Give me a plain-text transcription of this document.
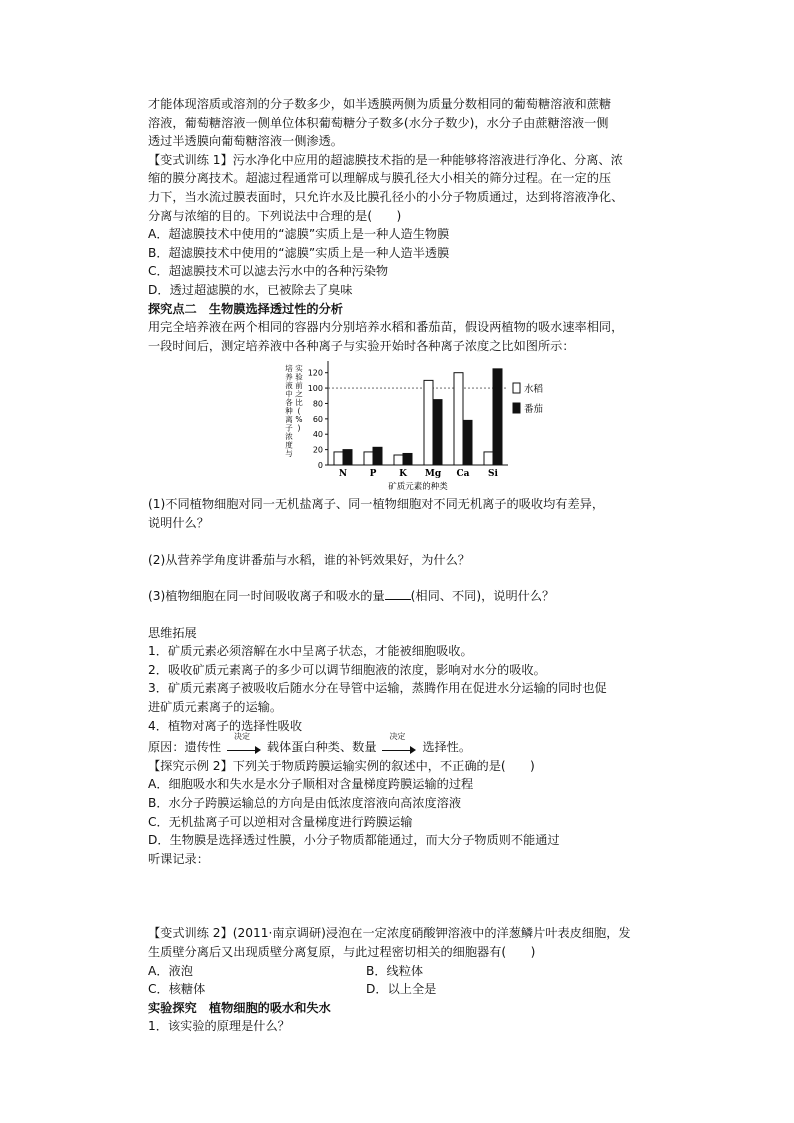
才能体现溶质或溶剂的分子数多少，如半透膜两侧为质量分数相同的葡萄糖溶液和蔗糖

溶液，葡萄糖溶液一侧单位体积葡萄糖分子数多(水分子数少)，水分子由蔗糖溶液一侧

透过半透膜向葡萄糖溶液一侧渗透。

【变式训练 1】污水净化中应用的超滤膜技术指的是一种能够将溶液进行净化、分离、浓

缩的膜分离技术。超滤过程通常可以理解成与膜孔径大小相关的筛分过程。在一定的压

力下，当水流过膜表面时，只允许水及比膜孔径小的小分子物质通过，达到将溶液净化、

分离与浓缩的目的。下列说法中合理的是(　　)

A．超滤膜技术中使用的“滤膜”实质上是一种人造生物膜

B．超滤膜技术中使用的“滤膜”实质上是一种人造半透膜

C．超滤膜技术可以滤去污水中的各种污染物

D．透过超滤膜的水，已被除去了臭味

探究点二　生物膜选择透过性的分析

用完全培养液在两个相同的容器内分别培养水稻和番茄苗，假设两植物的吸水速率相同，

一段时间后，测定培养液中各种离子与实验开始时各种离子浓度之比如图所示：

培
养
液
中
各
种
离
子
浓
度
与
实
验
前
之
比
(
%
)
0
20
40
60
80
100
120
矿质元素的种类
N P	K Mg Ca Si
水稻
番茄

(1)不同植物细胞对同一无机盐离子、同一植物细胞对不同无机离子的吸收均有差异，

说明什么？

(2)从营养学角度讲番茄与水稻，谁的补钙效果好，为什么？

(3)植物细胞在同一时间吸收离子和吸水的量 (相同、不同)，说明什么？

思维拓展

1．矿质元素必须溶解在水中呈离子状态，才能被细胞吸收。

2．吸收矿质元素离子的多少可以调节细胞液的浓度，影响对水分的吸收。

3．矿质元素离子被吸收后随水分在导管中运输，蒸腾作用在促进水分运输的同时也促

进矿质元素离子的运输。

4．植物对离子的选择性吸收

原因：遗传性
决定
载体蛋白种类、数量
决定
选择性。

【探究示例 2】下列关于物质跨膜运输实例的叙述中，不正确的是(　　)

A．细胞吸水和失水是水分子顺相对含量梯度跨膜运输的过程

B．水分子跨膜运输总的方向是由低浓度溶液向高浓度溶液

C．无机盐离子可以逆相对含量梯度进行跨膜运输

D．生物膜是选择透过性膜，小分子物质都能通过，而大分子物质则不能通过

听课记录：

【变式训练 2】(2011·南京调研)浸泡在一定浓度硝酸钾溶液中的洋葱鳞片叶表皮细胞，发

生质壁分离后又出现质壁分离复原，与此过程密切相关的细胞器有(　　)

A．液泡	B．线粒体

C．核糖体	D．以上全是

实验探究　植物细胞的吸水和失水

1．该实验的原理是什么？
